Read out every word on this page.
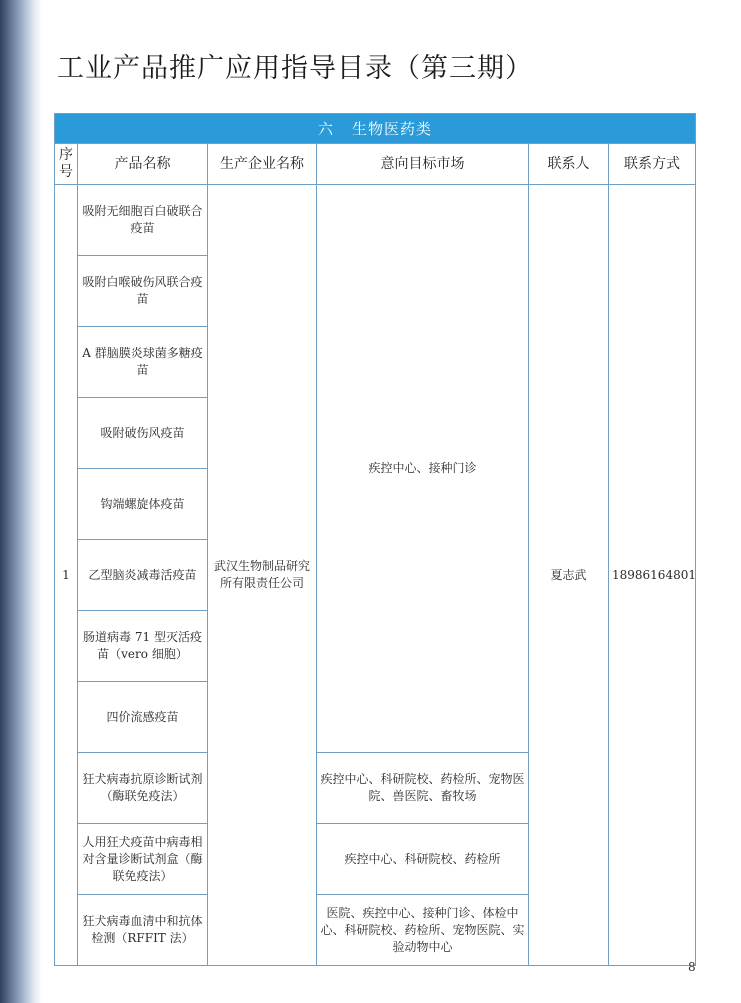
工业产品推广应用指导目录（第三期）
六 生物医药类					
序号	产品名称	生产企业名称	意向目标市场	联系人	联系方式
1	吸附无细胞百白破联合疫苗	武汉生物制品研究所有限责任公司	疾控中心、接种门诊	夏志武	18986164801
	吸附白喉破伤风联合疫苗				
	A 群脑膜炎球菌多糖疫苗				
	吸附破伤风疫苗				
	钩端螺旋体疫苗				
	乙型脑炎减毒活疫苗				
	肠道病毒 71 型灭活疫苗（vero 细胞）				
	四价流感疫苗				
	狂犬病毒抗原诊断试剂（酶联免疫法）		疾控中心、科研院校、药检所、宠物医院、兽医院、畜牧场		
	人用狂犬疫苗中病毒相对含量诊断试剂盒（酶联免疫法）		疾控中心、科研院校、药检所		
	狂犬病毒血清中和抗体检测（RFFIT 法）		医院、疾控中心、接种门诊、体检中心、科研院校、药检所、宠物医院、实验动物中心		
8
